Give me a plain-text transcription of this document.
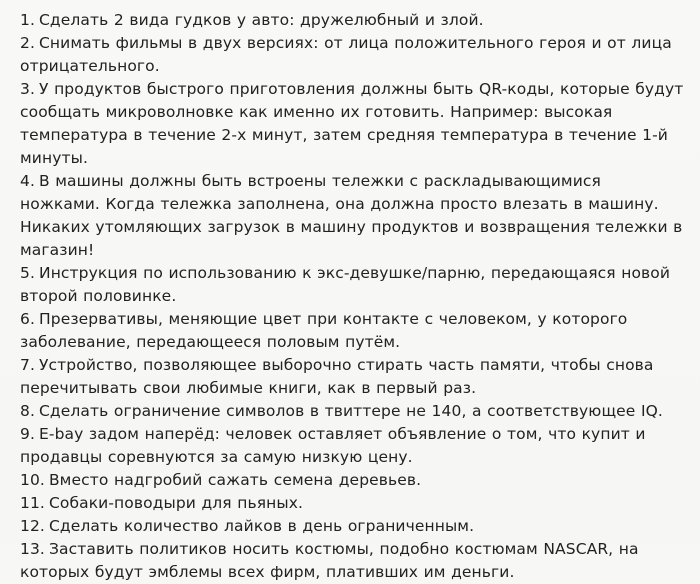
1. Сделать 2 вида гудков у авто: дружелюбный и злой.

2. Снимать фильмы в двух версиях: от лица положительного героя и от лица отрицательного.

3. У продуктов быстрого приготовления должны быть QR-коды, которые будут сообщать микроволновке как именно их готовить. Например: высокая температура в течение 2-х минут, затем средняя температура в течение 1-й минуты.

4. В машины должны быть встроены тележки с раскладывающимися ножками. Когда тележка заполнена, она должна просто влезать в машину. Никаких утомляющих загрузок в машину продуктов и возвращения тележки в магазин!

5. Инструкция по использованию к экс-девушке/парню, передающаяся новой второй половинке.

6. Презервативы, меняющие цвет при контакте с человеком, у которого заболевание, передающееся половым путём.

7. Устройство, позволяющее выборочно стирать часть памяти, чтобы снова перечитывать свои любимые книги, как в первый раз.

8. Сделать ограничение символов в твиттере не 140, а соответствующее IQ.

9. E-bay задом наперёд: человек оставляет объявление о том, что купит и продавцы соревнуются за самую низкую цену.

10. Вместо надгробий сажать семена деревьев.

11. Собаки-поводыри для пьяных.

12. Сделать количество лайков в день ограниченным.

13. Заставить политиков носить костюмы, подобно костюмам NASCAR, на которых будут эмблемы всех фирм, плативших им деньги.
